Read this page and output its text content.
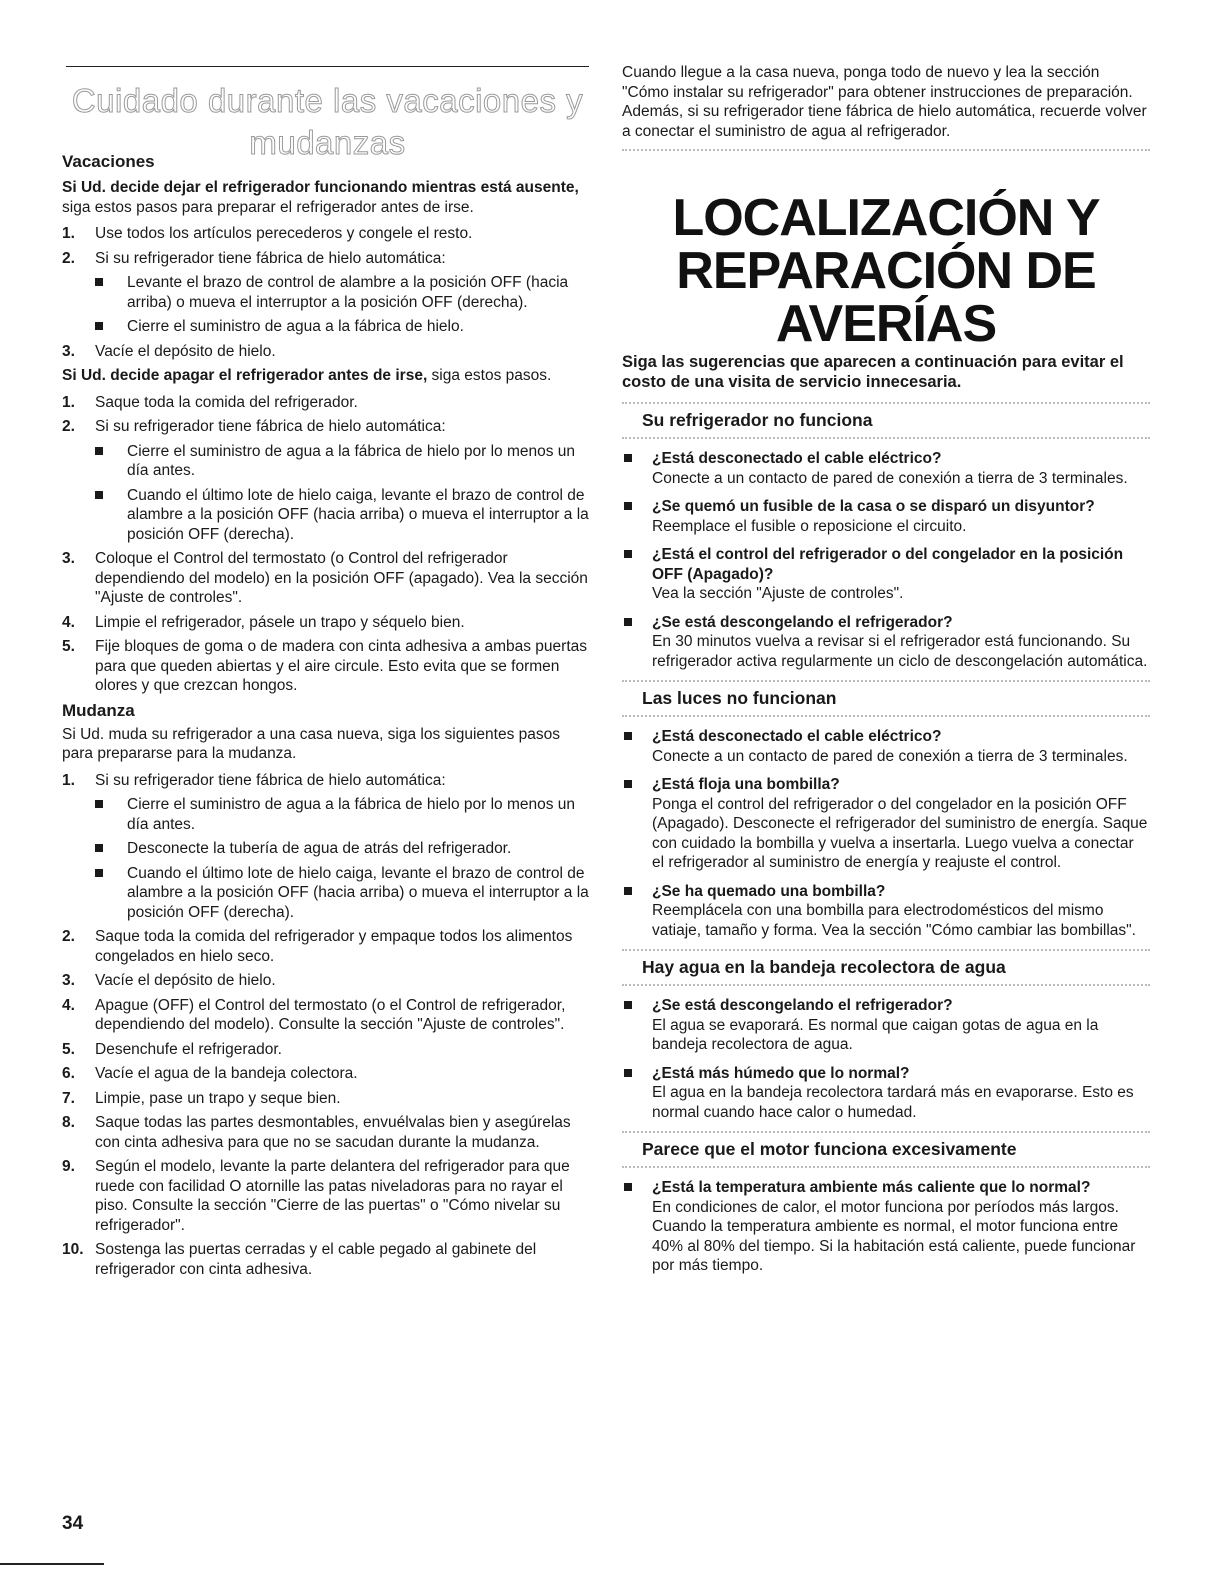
Cuidado durante las vacaciones y mudanzas
Vacaciones

Si Ud. decide dejar el refrigerador funcionando mientras está ausente, siga estos pasos para preparar el refrigerador antes de irse.

1. Use todos los artículos perecederos y congele el resto.
2. Si su refrigerador tiene fábrica de hielo automática:
Levante el brazo de control de alambre a la posición OFF (hacia arriba) o mueva el interruptor a la posición OFF (derecha).
Cierre el suministro de agua a la fábrica de hielo.
3. Vacíe el depósito de hielo.

Si Ud. decide apagar el refrigerador antes de irse, siga estos pasos.

1. Saque toda la comida del refrigerador.
2. Si su refrigerador tiene fábrica de hielo automática:
Cierre el suministro de agua a la fábrica de hielo por lo menos un día antes.
Cuando el último lote de hielo caiga, levante el brazo de control de alambre a la posición OFF (hacia arriba) o mueva el interruptor a la posición OFF (derecha).
3. Coloque el Control del termostato (o Control del refrigerador dependiendo del modelo) en la posición OFF (apagado). Vea la sección "Ajuste de controles".
4. Limpie el refrigerador, pásele un trapo y séquelo bien.
5. Fije bloques de goma o de madera con cinta adhesiva a ambas puertas para que queden abiertas y el aire circule. Esto evita que se formen olores y que crezcan hongos.
Mudanza

Si Ud. muda su refrigerador a una casa nueva, siga los siguientes pasos para prepararse para la mudanza.

1. Si su refrigerador tiene fábrica de hielo automática:
Cierre el suministro de agua a la fábrica de hielo por lo menos un día antes.
Desconecte la tubería de agua de atrás del refrigerador.
Cuando el último lote de hielo caiga, levante el brazo de control de alambre a la posición OFF (hacia arriba) o mueva el interruptor a la posición OFF (derecha).
2. Saque toda la comida del refrigerador y empaque todos los alimentos congelados en hielo seco.
3. Vacíe el depósito de hielo.
4. Apague (OFF) el Control del termostato (o el Control de refrigerador, dependiendo del modelo). Consulte la sección "Ajuste de controles".
5. Desenchufe el refrigerador.
6. Vacíe el agua de la bandeja colectora.
7. Limpie, pase un trapo y seque bien.
8. Saque todas las partes desmontables, envuélvalas bien y asegúrelas con cinta adhesiva para que no se sacudan durante la mudanza.
9. Según el modelo, levante la parte delantera del refrigerador para que ruede con facilidad O atornille las patas niveladoras para no rayar el piso. Consulte la sección "Cierre de las puertas" o "Cómo nivelar su refrigerador".
10. Sostenga las puertas cerradas y el cable pegado al gabinete del refrigerador con cinta adhesiva.

Cuando llegue a la casa nueva, ponga todo de nuevo y lea la sección "Cómo instalar su refrigerador" para obtener instrucciones de preparación. Además, si su refrigerador tiene fábrica de hielo automática, recuerde volver a conectar el suministro de agua al refrigerador.

LOCALIZACIÓN Y
REPARACIÓN DE
AVERÍAS

Siga las sugerencias que aparecen a continuación para evitar el costo de una visita de servicio innecesaria.

Su refrigerador no funciona
¿Está desconectado el cable eléctrico?
Conecte a un contacto de pared de conexión a tierra de 3 terminales.
¿Se quemó un fusible de la casa o se disparó un disyuntor?
Reemplace el fusible o reposicione el circuito.
¿Está el control del refrigerador o del congelador en la posición OFF (Apagado)?
Vea la sección "Ajuste de controles".
¿Se está descongelando el refrigerador?
En 30 minutos vuelva a revisar si el refrigerador está funcionando. Su refrigerador activa regularmente un ciclo de descongelación automática.
Las luces no funcionan
¿Está desconectado el cable eléctrico?
Conecte a un contacto de pared de conexión a tierra de 3 terminales.
¿Está floja una bombilla?
Ponga el control del refrigerador o del congelador en la posición OFF (Apagado). Desconecte el refrigerador del suministro de energía. Saque con cuidado la bombilla y vuelva a insertarla. Luego vuelva a conectar el refrigerador al suministro de energía y reajuste el control.
¿Se ha quemado una bombilla?
Reemplácela con una bombilla para electrodomésticos del mismo vatiaje, tamaño y forma. Vea la sección "Cómo cambiar las bombillas".
Hay agua en la bandeja recolectora de agua
¿Se está descongelando el refrigerador?
El agua se evaporará. Es normal que caigan gotas de agua en la bandeja recolectora de agua.
¿Está más húmedo que lo normal?
El agua en la bandeja recolectora tardará más en evaporarse. Esto es normal cuando hace calor o humedad.
Parece que el motor funciona excesivamente
¿Está la temperatura ambiente más caliente que lo normal?
En condiciones de calor, el motor funciona por períodos más largos. Cuando la temperatura ambiente es normal, el motor funciona entre 40% al 80% del tiempo. Si la habitación está caliente, puede funcionar por más tiempo.
34
